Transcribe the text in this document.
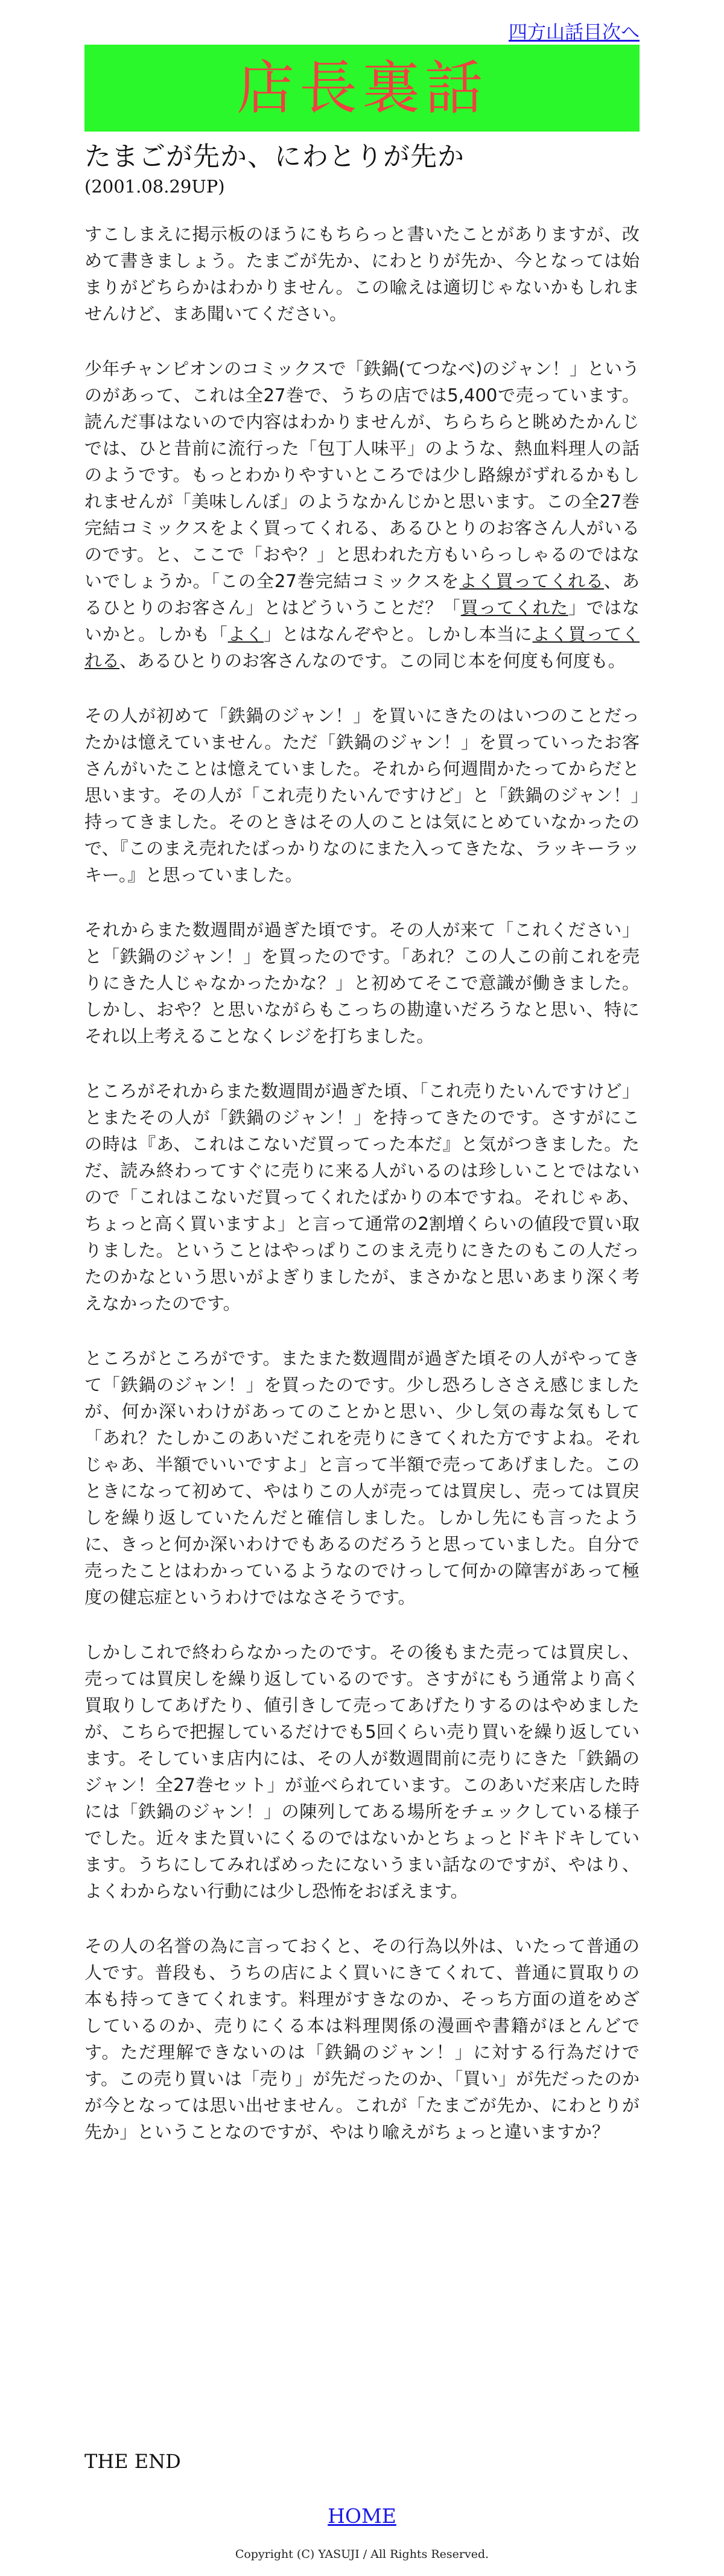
四方山話目次へ
店長裏話
たまごが先か、にわとりが先か
(2001.08.29UP)

すこしまえに掲示板のほうにもちらっと書いたことがありますが、改めて書きましょう。たまごが先か、にわとりが先か、今となっては始まりがどちらかはわかりません。この喩えは適切じゃないかもしれませんけど、まあ聞いてください。

少年チャンピオンのコミックスで「鉄鍋(てつなべ)のジャン！」というのがあって、これは全27巻で、うちの店では5,400で売っています。読んだ事はないので内容はわかりませんが、ちらちらと眺めたかんじでは、ひと昔前に流行った「包丁人味平」のような、熱血料理人の話のようです。もっとわかりやすいところでは少し路線がずれるかもしれませんが「美味しんぼ」のようなかんじかと思います。この全27巻完結コミックスをよく買ってくれる、あるひとりのお客さん人がいるのです。と、ここで「おや？」と思われた方もいらっしゃるのではないでしょうか。「この全27巻完結コミックスをよく買ってくれる、あるひとりのお客さん」とはどういうことだ？「買ってくれた」ではないかと。しかも「よく」とはなんぞやと。しかし本当によく買ってくれる、あるひとりのお客さんなのです。この同じ本を何度も何度も。

その人が初めて「鉄鍋のジャン！」を買いにきたのはいつのことだったかは憶えていません。ただ「鉄鍋のジャン！」を買っていったお客さんがいたことは憶えていました。それから何週間かたってからだと思います。その人が「これ売りたいんですけど」と「鉄鍋のジャン！」持ってきました。そのときはその人のことは気にとめていなかったので、『このまえ売れたばっかりなのにまた入ってきたな、ラッキーラッキー。』と思っていました。

それからまた数週間が過ぎた頃です。その人が来て「これください」と「鉄鍋のジャン！」を買ったのです。「あれ？この人この前これを売りにきた人じゃなかったかな？」と初めてそこで意識が働きました。しかし、おや？と思いながらもこっちの勘違いだろうなと思い、特にそれ以上考えることなくレジを打ちました。

ところがそれからまた数週間が過ぎた頃、「これ売りたいんですけど」とまたその人が「鉄鍋のジャン！」を持ってきたのです。さすがにこの時は『あ、これはこないだ買ってった本だ』と気がつきました。ただ、読み終わってすぐに売りに来る人がいるのは珍しいことではないので「これはこないだ買ってくれたばかりの本ですね。それじゃあ、ちょっと高く買いますよ」と言って通常の2割増くらいの値段で買い取りました。ということはやっぱりこのまえ売りにきたのもこの人だったのかなという思いがよぎりましたが、まさかなと思いあまり深く考えなかったのです。

ところがところがです。またまた数週間が過ぎた頃その人がやってきて「鉄鍋のジャン！」を買ったのです。少し恐ろしささえ感じましたが、何か深いわけがあってのことかと思い、少し気の毒な気もして「あれ？たしかこのあいだこれを売りにきてくれた方ですよね。それじゃあ、半額でいいですよ」と言って半額で売ってあげました。このときになって初めて、やはりこの人が売っては買戻し、売っては買戻しを繰り返していたんだと確信しました。しかし先にも言ったように、きっと何か深いわけでもあるのだろうと思っていました。自分で売ったことはわかっているようなのでけっして何かの障害があって極度の健忘症というわけではなさそうです。

しかしこれで終わらなかったのです。その後もまた売っては買戻し、売っては買戻しを繰り返しているのです。さすがにもう通常より高く買取りしてあげたり、値引きして売ってあげたりするのはやめましたが、こちらで把握しているだけでも5回くらい売り買いを繰り返しています。そしていま店内には、その人が数週間前に売りにきた「鉄鍋のジャン！全27巻セット」が並べられています。このあいだ来店した時には「鉄鍋のジャン！」の陳列してある場所をチェックしている様子でした。近々また買いにくるのではないかとちょっとドキドキしています。うちにしてみればめったにないうまい話なのですが、やはり、よくわからない行動には少し恐怖をおぼえます。

その人の名誉の為に言っておくと、その行為以外は、いたって普通の人です。普段も、うちの店によく買いにきてくれて、普通に買取りの本も持ってきてくれます。料理がすきなのか、そっち方面の道をめざしているのか、売りにくる本は料理関係の漫画や書籍がほとんどです。ただ理解できないのは「鉄鍋のジャン！」に対する行為だけです。この売り買いは「売り」が先だったのか、「買い」が先だったのかが今となっては思い出せません。これが「たまごが先か、にわとりが先か」ということなのですが、やはり喩えがちょっと違いますか？

THE END
HOME
Copyright (C) YASUJI / All Rights Reserved.
